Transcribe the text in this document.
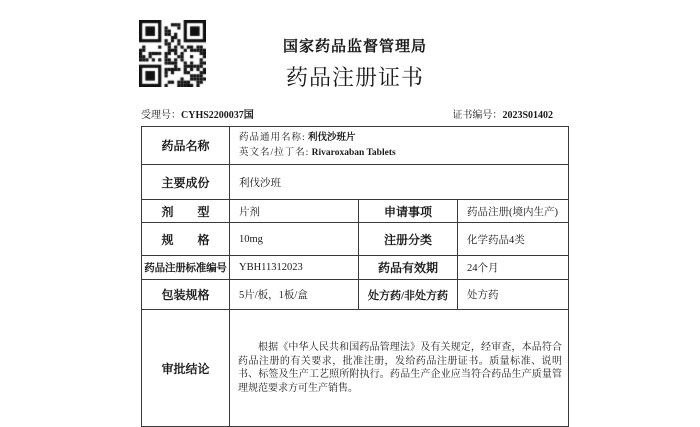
国家药品监督管理局
药品注册证书
受理号：CYHS2200037国	证书编号：2023S01402
药品名称
药品通用名称: 利伐沙班片
英文名/拉丁名: Rivaroxaban Tablets
主要成份	利伐沙班
剂　　型	片剂	申请事项	药品注册(境内生产)
规　　格	10mg	注册分类	化学药品4类
药品注册标准编号	YBH11312023	药品有效期	24个月
包装规格	5片/板，1板/盒	处方药/非处方药	处方药
审批结论

根据《中华人民共和国药品管理法》及有关规定，经审查，本品符合药品注册的有关要求，批准注册，发给药品注册证书。质量标准、说明书、标签及生产工艺照所附执行。药品生产企业应当符合药品生产质量管理规范要求方可生产销售。
